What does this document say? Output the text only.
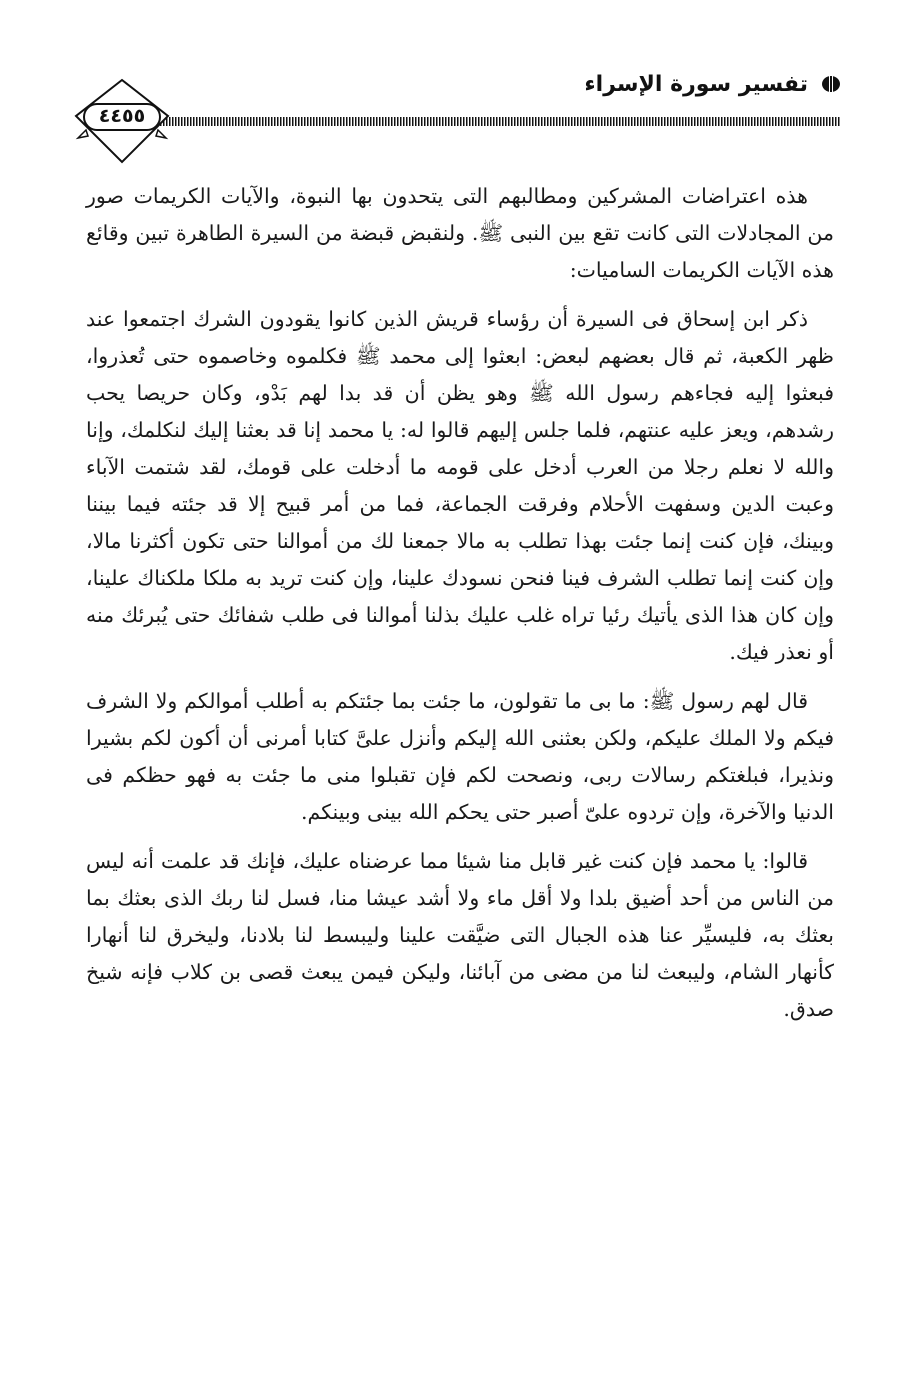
تفسير سورة الإسراء
٤٤٥٥

هذه اعتراضات المشركين ومطالبهم التى يتحدون بها النبوة، والآيات الكريمات صور من المجادلات التى كانت تقع بين النبى ﷺ. ولنقبض قبضة من السيرة الطاهرة تبين وقائع هذه الآيات الكريمات الساميات:

ذكر ابن إسحاق فى السيرة أن رؤساء قريش الذين كانوا يقودون الشرك اجتمعوا عند ظهر الكعبة، ثم قال بعضهم لبعض: ابعثوا إلى محمد ﷺ فكلموه وخاصموه حتى تُعذروا، فبعثوا إليه فجاءهم رسول الله ﷺ وهو يظن أن قد بدا لهم بَدْو، وكان حريصا يحب رشدهم، ويعز عليه عنتهم، فلما جلس إليهم قالوا له: يا محمد إنا قد بعثنا إليك لنكلمك، وإنا والله لا نعلم رجلا من العرب أدخل على قومه ما أدخلت على قومك، لقد شتمت الآباء وعبت الدين وسفهت الأحلام وفرقت الجماعة، فما من أمر قبيح إلا قد جئته فيما بيننا وبينك، فإن كنت إنما جئت بهذا تطلب به مالا جمعنا لك من أموالنا حتى تكون أكثرنا مالا، وإن كنت إنما تطلب الشرف فينا فنحن نسودك علينا، وإن كنت تريد به ملكا ملكناك علينا، وإن كان هذا الذى يأتيك رئيا تراه غلب عليك بذلنا أموالنا فى طلب شفائك حتى يُبرئك منه أو نعذر فيك.

قال لهم رسول ﷺ: ما بى ما تقولون، ما جئت بما جئتكم به أطلب أموالكم ولا الشرف فيكم ولا الملك عليكم، ولكن بعثنى الله إليكم وأنزل علىَّ كتابا أمرنى أن أكون لكم بشيرا ونذيرا، فبلغتكم رسالات ربى، ونصحت لكم فإن تقبلوا منى ما جئت به فهو حظكم فى الدنيا والآخرة، وإن تردوه علىّ أصبر حتى يحكم الله بينى وبينكم.

قالوا: يا محمد فإن كنت غير قابل منا شيئا مما عرضناه عليك، فإنك قد علمت أنه ليس من الناس من أحد أضيق بلدا ولا أقل ماء ولا أشد عيشا منا، فسل لنا ربك الذى بعثك بما بعثك به، فليسيِّر عنا هذه الجبال التى ضيَّقت علينا وليبسط لنا بلادنا، وليخرق لنا أنهارا كأنهار الشام، وليبعث لنا من مضى من آبائنا، وليكن فيمن يبعث قصى بن كلاب فإنه شيخ صدق.
